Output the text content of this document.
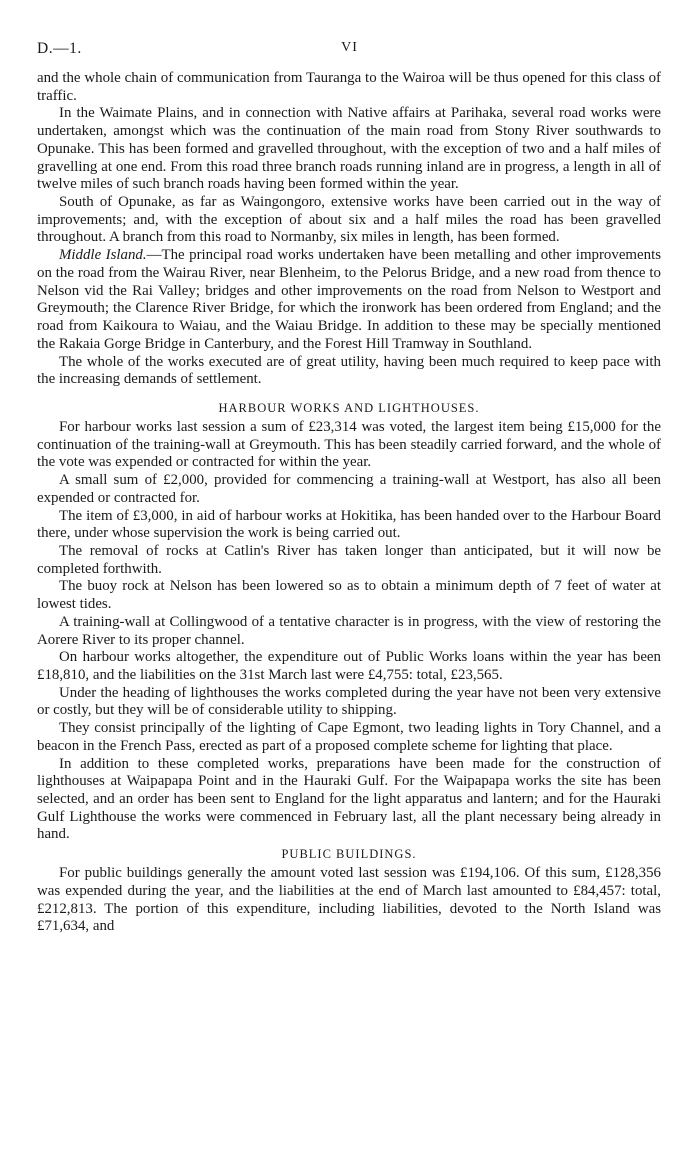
D.—1.	VI

and the whole chain of communication from Tauranga to the Wairoa will be thus opened for this class of traffic.

In the Waimate Plains, and in connection with Native affairs at Parihaka, several road works were undertaken, amongst which was the continuation of the main road from Stony River southwards to Opunake. This has been formed and gravelled throughout, with the exception of two and a half miles of gravelling at one end. From this road three branch roads running inland are in progress, a length in all of twelve miles of such branch roads having been formed within the year.

South of Opunake, as far as Waingongoro, extensive works have been carried out in the way of improvements; and, with the exception of about six and a half miles the road has been gravelled throughout. A branch from this road to Normanby, six miles in length, has been formed.

Middle Island.—The principal road works undertaken have been metalling and other improvements on the road from the Wairau River, near Blenheim, to the Pelorus Bridge, and a new road from thence to Nelson vid the Rai Valley; bridges and other improvements on the road from Nelson to Westport and Greymouth; the Clarence River Bridge, for which the ironwork has been ordered from England; and the road from Kaikoura to Waiau, and the Waiau Bridge. In addition to these may be specially mentioned the Rakaia Gorge Bridge in Canterbury, and the Forest Hill Tramway in Southland.

The whole of the works executed are of great utility, having been much required to keep pace with the increasing demands of settlement.

HARBOUR WORKS AND LIGHTHOUSES.

For harbour works last session a sum of £23,314 was voted, the largest item being £15,000 for the continuation of the training-wall at Greymouth. This has been steadily carried forward, and the whole of the vote was expended or contracted for within the year.

A small sum of £2,000, provided for commencing a training-wall at Westport, has also all been expended or contracted for.

The item of £3,000, in aid of harbour works at Hokitika, has been handed over to the Harbour Board there, under whose supervision the work is being carried out.

The removal of rocks at Catlin's River has taken longer than anticipated, but it will now be completed forthwith.

The buoy rock at Nelson has been lowered so as to obtain a minimum depth of 7 feet of water at lowest tides.

A training-wall at Collingwood of a tentative character is in progress, with the view of restoring the Aorere River to its proper channel.

On harbour works altogether, the expenditure out of Public Works loans within the year has been £18,810, and the liabilities on the 31st March last were £4,755: total, £23,565.

Under the heading of lighthouses the works completed during the year have not been very extensive or costly, but they will be of considerable utility to shipping.

They consist principally of the lighting of Cape Egmont, two leading lights in Tory Channel, and a beacon in the French Pass, erected as part of a proposed complete scheme for lighting that place.

In addition to these completed works, preparations have been made for the construction of lighthouses at Waipapapa Point and in the Hauraki Gulf. For the Waipapapa works the site has been selected, and an order has been sent to England for the light apparatus and lantern; and for the Hauraki Gulf Lighthouse the works were commenced in February last, all the plant necessary being already in hand.

PUBLIC BUILDINGS.

For public buildings generally the amount voted last session was £194,106. Of this sum, £128,356 was expended during the year, and the liabilities at the end of March last amounted to £84,457: total, £212,813. The portion of this expenditure, including liabilities, devoted to the North Island was £71,634, and
